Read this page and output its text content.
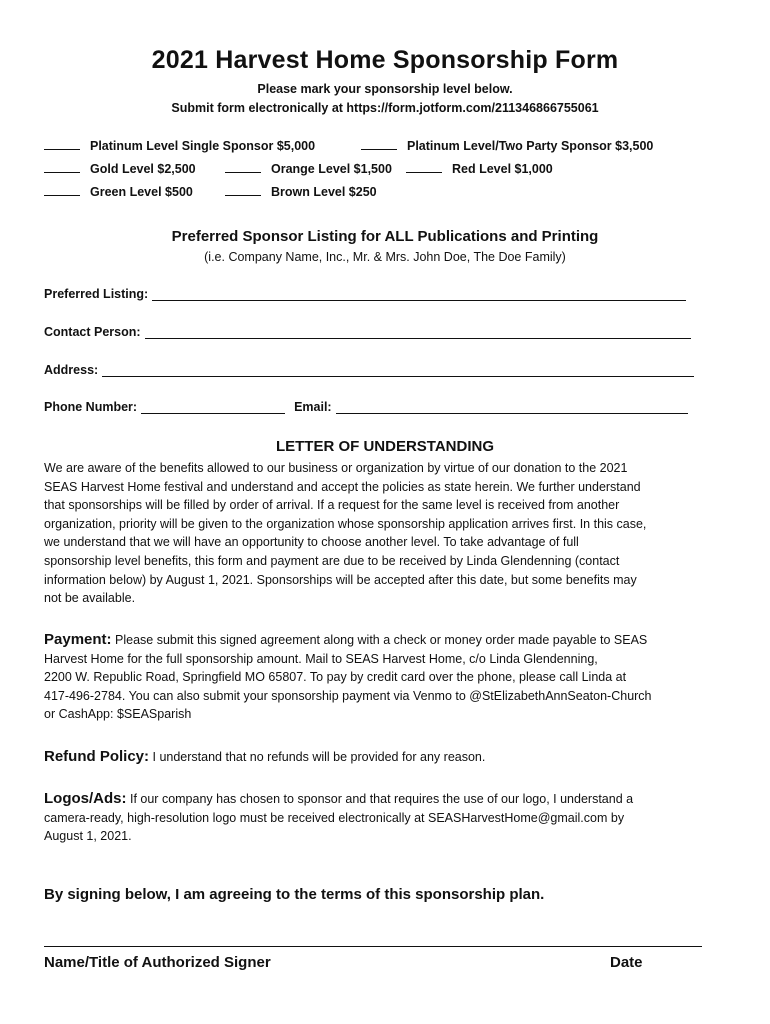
2021 Harvest Home Sponsorship Form
Please mark your sponsorship level below.
Submit form electronically at https://form.jotform.com/211346866755061
Platinum Level Single Sponsor $5,000	Platinum Level/Two Party Sponsor $3,500
Gold Level $2,500	Orange Level $1,500	Red Level $1,000
Green Level $500	Brown Level $250
Preferred Sponsor Listing for ALL Publications and Printing
(i.e. Company Name, Inc., Mr. & Mrs. John Doe, The Doe Family)
Preferred Listing:
Contact Person:
Address:
Phone Number:	Email:
LETTER OF UNDERSTANDING

We are aware of the benefits allowed to our business or organization by virtue of our donation to the 2021

SEAS Harvest Home festival and understand and accept the policies as state herein. We further understand

that sponsorships will be filled by order of arrival. If a request for the same level is received from another

organization, priority will be given to the organization whose sponsorship application arrives first. In this case,

we understand that we will have an opportunity to choose another level. To take advantage of full

sponsorship level benefits, this form and payment are due to be received by Linda Glendenning (contact

information below) by August 1, 2021. Sponsorships will be accepted after this date, but some benefits may

not be available.

Payment: Please submit this signed agreement along with a check or money order made payable to SEAS

Harvest Home for the full sponsorship amount. Mail to SEAS Harvest Home, c/o Linda Glendenning,

2200 W. Republic Road, Springfield MO 65807. To pay by credit card over the phone, please call Linda at

417-496-2784. You can also submit your sponsorship payment via Venmo to @StElizabethAnnSeaton-Church

or CashApp: $SEASparish

Refund Policy: I understand that no refunds will be provided for any reason.

Logos/Ads: If our company has chosen to sponsor and that requires the use of our logo, I understand a

camera-ready, high-resolution logo must be received electronically at SEASHarvestHome@gmail.com by

August 1, 2021.

By signing below, I am agreeing to the terms of this sponsorship plan.
Name/Title of Authorized Signer	Date
